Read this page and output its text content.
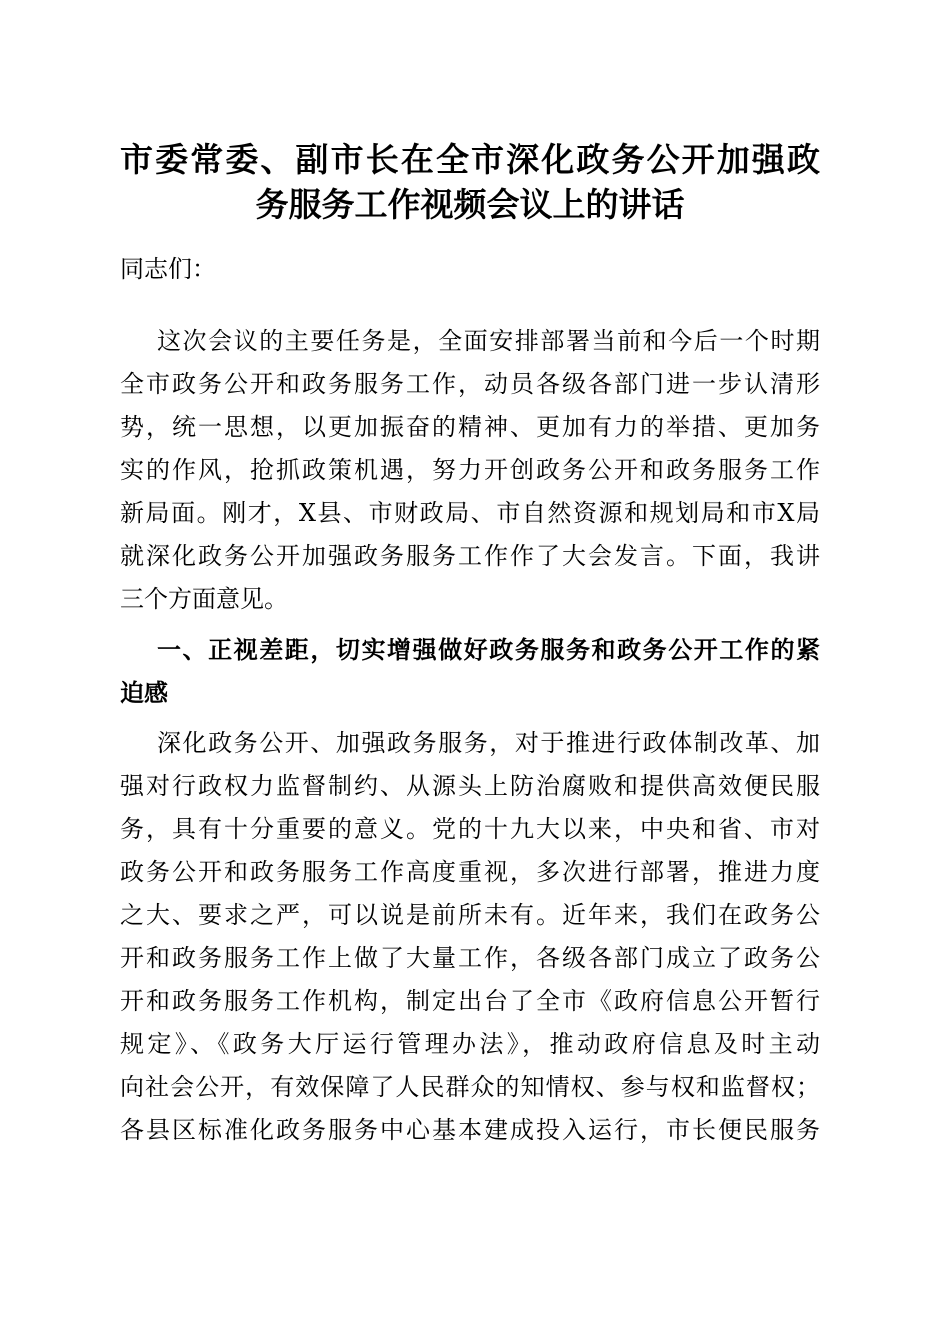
市委常委、副市长在全市深化政务公开加强政
务服务工作视频会议上的讲话
同志们：
这次会议的主要任务是，全面安排部署当前和今后一个时期
全市政务公开和政务服务工作，动员各级各部门进一步认清形
势，统一思想，以更加振奋的精神、更加有力的举措、更加务
实的作风，抢抓政策机遇，努力开创政务公开和政务服务工作
新局面。刚才，X县、市财政局、市自然资源和规划局和市X局
就深化政务公开加强政务服务工作作了大会发言。下面，我讲
三个方面意见。
一、正视差距，切实增强做好政务服务和政务公开工作的紧
迫感
深化政务公开、加强政务服务，对于推进行政体制改革、加
强对行政权力监督制约、从源头上防治腐败和提供高效便民服
务，具有十分重要的意义。党的十九大以来，中央和省、市对
政务公开和政务服务工作高度重视，多次进行部署，推进力度
之大、要求之严，可以说是前所未有。近年来，我们在政务公
开和政务服务工作上做了大量工作，各级各部门成立了政务公
开和政务服务工作机构，制定出台了全市《政府信息公开暂行
规定》、《政务大厅运行管理办法》，推动政府信息及时主动
向社会公开，有效保障了人民群众的知情权、参与权和监督权；
各县区标准化政务服务中心基本建成投入运行，市长便民服务
